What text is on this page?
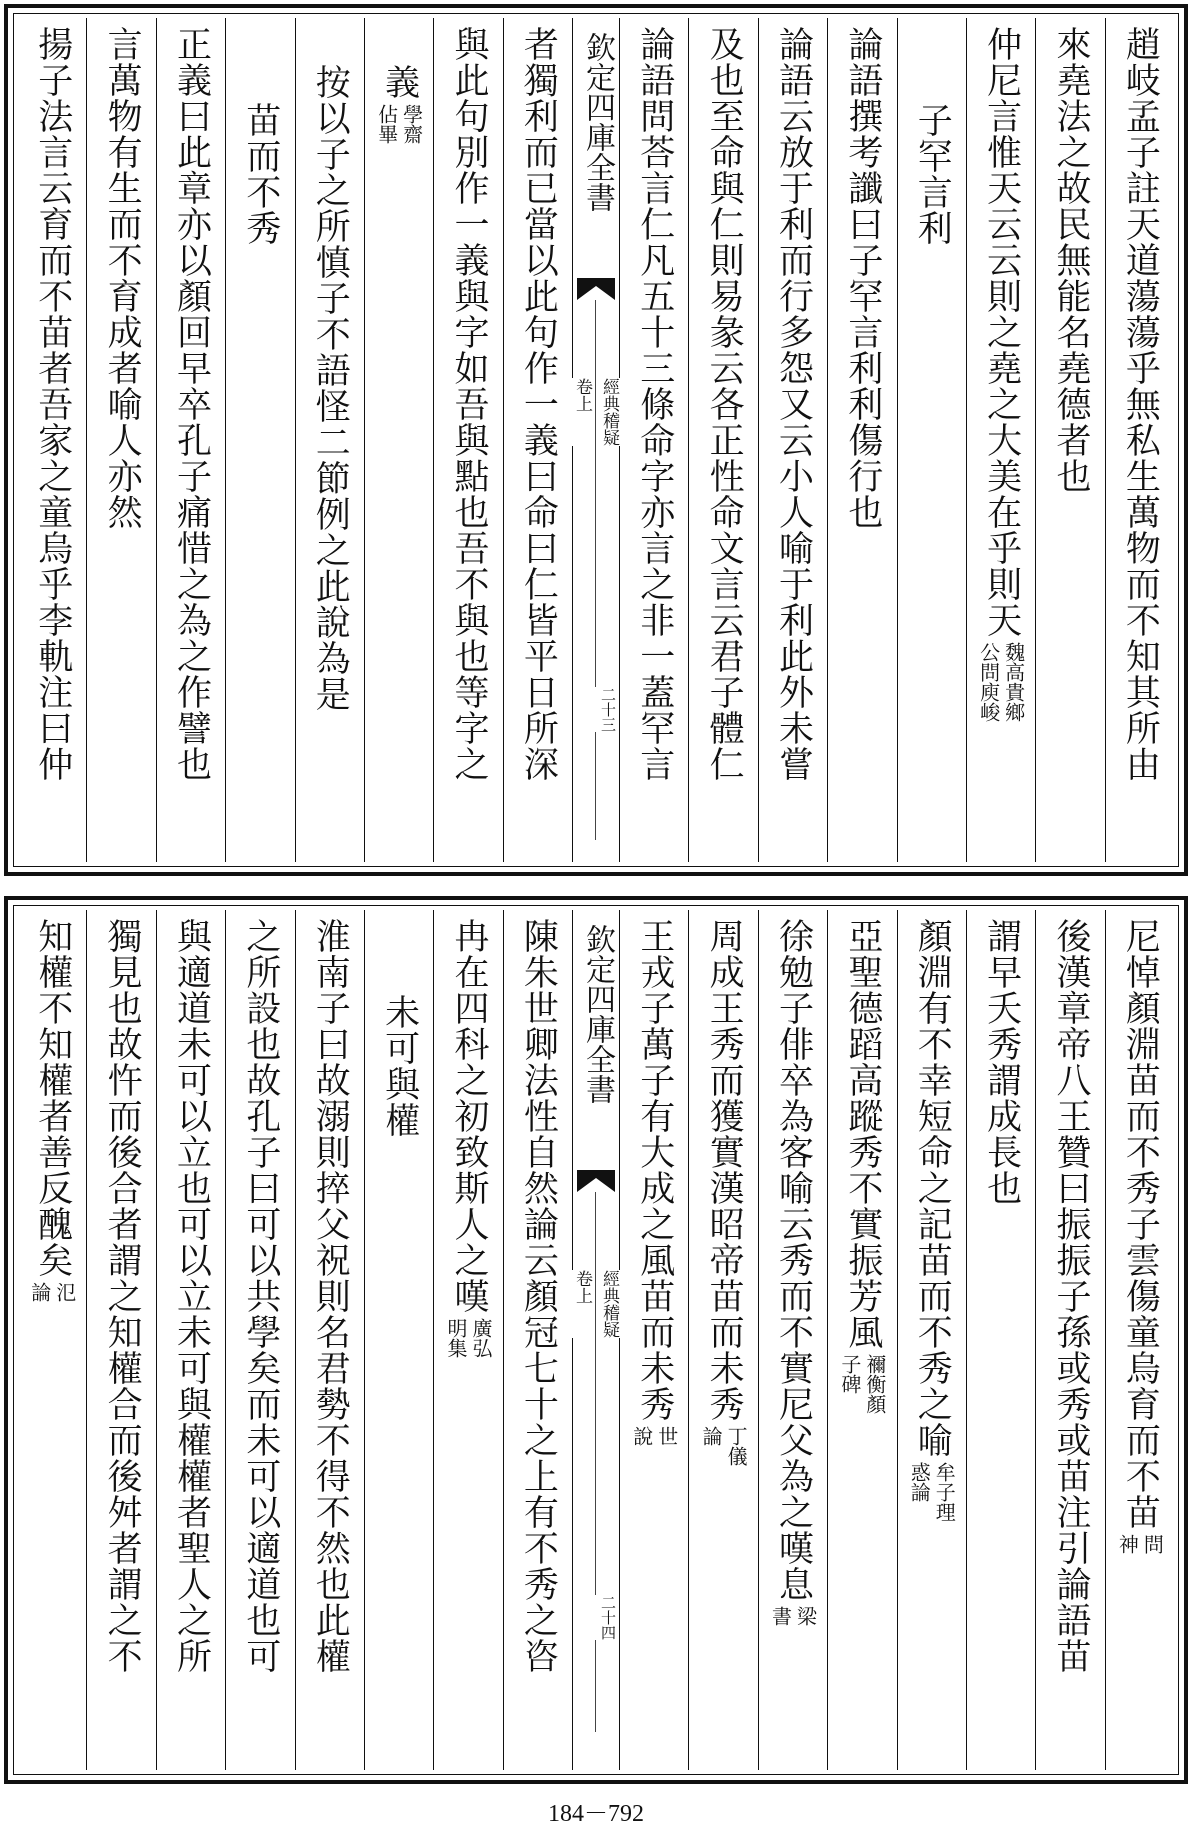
趙岐孟子註天道蕩蕩乎無私生萬物而不知其所由
來堯法之故民無能名堯德者也
仲尼言惟天云云則之堯之大美在乎則天
魏高貴鄉
公問庾峻
子罕言利
論語撰考讖曰子罕言利利傷行也
論語云放于利而行多怨又云小人喻于利此外未嘗
及也至命與仁則易彖云各正性命文言云君子體仁
論語問荅言仁凡五十三條命字亦言之非一蓋罕言
欽定四庫全書
經典稽疑
卷上
二十三
者獨利而已當以此句作一義曰命曰仁皆平日所深
與此句別作一義與字如吾與點也吾不與也等字之
義
學齋
佔畢
按以子之所慎子不語怪二節例之此說為是
苗而不秀
正義曰此章亦以顏回早卒孔子痛惜之為之作譬也
言萬物有生而不育成者喻人亦然
揚子法言云育而不苗者吾家之童烏乎李軌注曰仲
尼悼顏淵苗而不秀子雲傷童烏育而不苗
問
神
後漢章帝八王贊曰振振子孫或秀或苗注引論語苗
謂早夭秀謂成長也
顏淵有不幸短命之記苗而不秀之喻
牟子理
惑論
亞聖德蹈高蹤秀不實振芳風
禰衡顏
子碑
徐勉子俳卒為客喻云秀而不實尼父為之嘆息
梁
書
周成王秀而獲實漢昭帝苗而未秀
丁儀
論
王戎子萬子有大成之風苗而未秀
世
說
欽定四庫全書
經典稽疑
卷上
二十四
陳朱世卿法性自然論云顏冠七十之上有不秀之咨
冉在四科之初致斯人之嘆
廣弘
明集
未可與權
淮南子曰故溺則捽父祝則名君勢不得不然也此權
之所設也故孔子曰可以共學矣而未可以適道也可
與適道未可以立也可以立未可與權權者聖人之所
獨見也故忤而後合者謂之知權合而後舛者謂之不
知權不知權者善反醜矣
氾
論
184－792
